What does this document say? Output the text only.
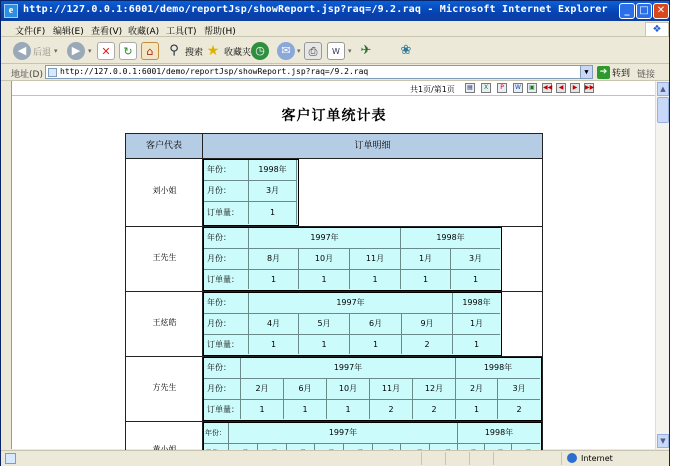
e http://127.0.0.1:6001/demo/reportJsp/showReport.jsp?raq=/9.2.raq - Microsoft Internet Explorer	_ □ ✕
文件(F) 编辑(E) 查看(V) 收藏(A) 工具(T) 帮助(H)	❖
◀ 后退 ▾	▶	▾ ✕	↻	⌂	⚲ 搜索 ★ 收藏夹 ◷	✉ ▾ ⎙	W	▾ ✈ ❀
地址(D)	http://127.0.0.1:6001/demo/reportJsp/showReport.jsp?raq=/9.2.raq	▼	➔ 转到 链接
共1页/第1页	▤	X	P	W	▣	◀◀	◀	▶	▶▶
客户订单统计表
客户代表	订单明细
刘小姐
年份：	1998年
月份：	3月
订单量：	1
王先生
年份：	1997年	1998年
月份：	8月	10月	11月	1月	3月
订单量：	1	1	1	1	1
王炫皓
年份：	1997年	1998年
月份：	4月	5月	6月	9月	1月
订单量：	1	1	1	2	1
方先生
年份：	1997年	1998年
月份：	2月	6月	10月	11月	12月	2月	3月
订单量：	1	1	1	2	2	1	2
年份：	1997年	1998年
▲
▼
Internet
